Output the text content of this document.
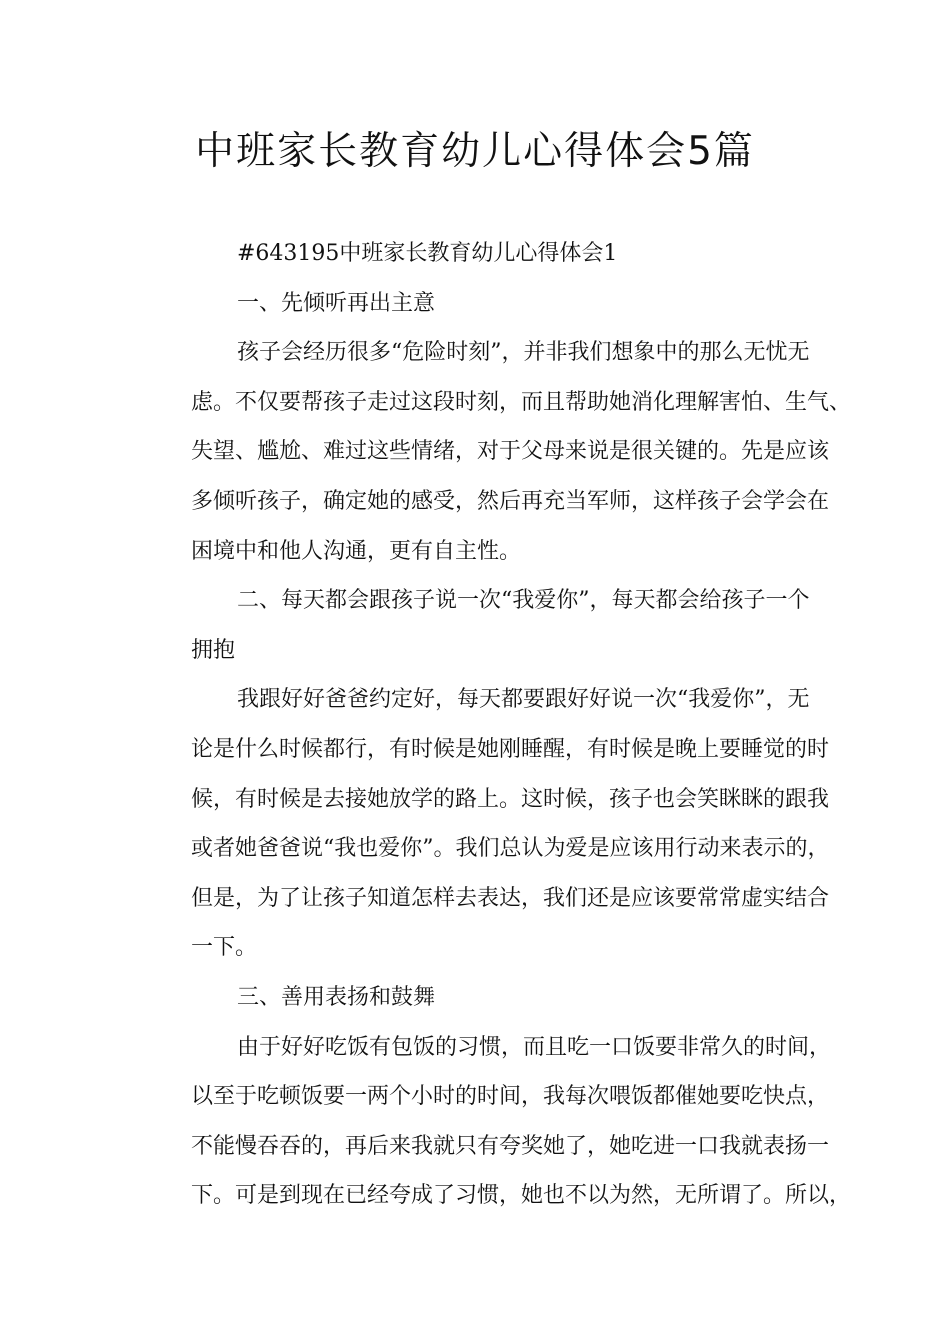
中班家长教育幼儿心得体会5篇

#643195中班家长教育幼儿心得体会1

一、先倾听再出主意

孩子会经历很多“危险时刻”，并非我们想象中的那么无忧无
虑。不仅要帮孩子走过这段时刻，而且帮助她消化理解害怕、生气、
失望、尴尬、难过这些情绪，对于父母来说是很关键的。先是应该
多倾听孩子，确定她的感受，然后再充当军师，这样孩子会学会在
困境中和他人沟通，更有自主性。

二、每天都会跟孩子说一次“我爱你”，每天都会给孩子一个
拥抱

我跟好好爸爸约定好，每天都要跟好好说一次“我爱你”，无
论是什么时候都行，有时候是她刚睡醒，有时候是晚上要睡觉的时
候，有时候是去接她放学的路上。这时候，孩子也会笑眯眯的跟我
或者她爸爸说“我也爱你”。我们总认为爱是应该用行动来表示的，
但是，为了让孩子知道怎样去表达，我们还是应该要常常虚实结合
一下。

三、善用表扬和鼓舞

由于好好吃饭有包饭的习惯，而且吃一口饭要非常久的时间，
以至于吃顿饭要一两个小时的时间，我每次喂饭都催她要吃快点，
不能慢吞吞的，再后来我就只有夸奖她了，她吃进一口我就表扬一
下。可是到现在已经夸成了习惯，她也不以为然，无所谓了。所以，
